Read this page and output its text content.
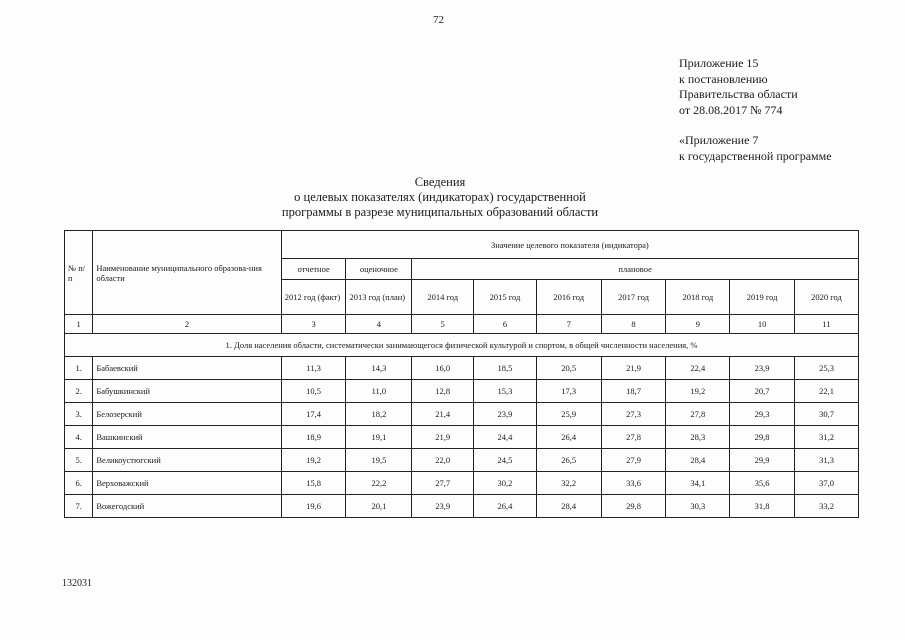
72
Приложение 15
к постановлению
Правительства области
от 28.08.2017 № 774
«Приложение 7
к государственной программе
Сведения
о целевых показателях (индикаторах) государственной
программы в разрезе муниципальных образований области
№ п/п	Наименование муниципального образова-ния области	Значение целевого показателя (индикатора)								
		отчетное	оценочное	плановое						
		2012 год (факт)	2013 год (план)	2014 год	2015 год	2016 год	2017 год	2018 год	2019 год	2020 год
1	2	3	4	5	6	7	8	9	10	11
1. Доля населения области, систематически занимающегося физической культурой и спортом, в общей численности населения, %										
1.	Бабаевский	11,3	14,3	16,0	18,5	20,5	21,9	22,4	23,9	25,3
2.	Бабушкинский	10,5	11,0	12,8	15,3	17,3	18,7	19,2	20,7	22,1
3.	Белозерский	17,4	18,2	21,4	23,9	25,9	27,3	27,8	29,3	30,7
4.	Вашкинский	18,9	19,1	21,9	24,4	26,4	27,8	28,3	29,8	31,2
5.	Великоустюгский	19,2	19,5	22,0	24,5	26,5	27,9	28,4	29,9	31,3
6.	Верховажский	15,8	22,2	27,7	30,2	32,2	33,6	34,1	35,6	37,0
7.	Вожегодский	19,6	20,1	23,9	26,4	28,4	29,8	30,3	31,8	33,2
132031
